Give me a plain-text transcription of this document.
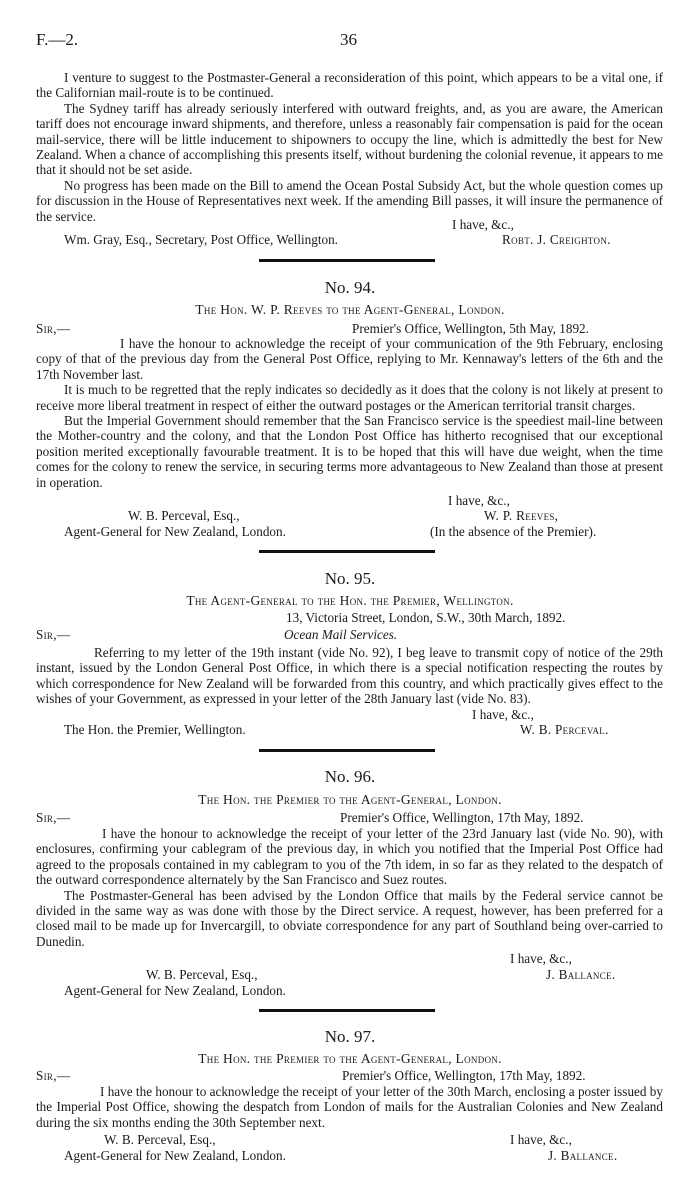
F.—2.	36

I venture to suggest to the Postmaster-General a reconsideration of this point, which appears to be a vital one, if the Californian mail-route is to be continued.

The Sydney tariff has already seriously interfered with outward freights, and, as you are aware, the American tariff does not encourage inward shipments, and therefore, unless a reasonably fair compensation is paid for the ocean mail-service, there will be little inducement to shipowners to occupy the line, which is admittedly the best for New Zealand. When a chance of accomplishing this presents itself, without burdening the colonial revenue, it appears to me that it should not be set aside.

No progress has been made on the Bill to amend the Ocean Postal Subsidy Act, but the whole question comes up for discussion in the House of Representatives next week. If the amending Bill passes, it will insure the permanence of the service.

I have, &c.,
Wm. Gray, Esq., Secretary, Post Office, Wellington.	Robt. J. Creighton.
No. 94.
The Hon. W. P. Reeves to the Agent-General, London.
Sir,—	Premier's Office, Wellington, 5th May, 1892.

I have the honour to acknowledge the receipt of your communication of the 9th February, enclosing copy of that of the previous day from the General Post Office, replying to Mr. Kennaway's letters of the 6th and the 17th November last.

It is much to be regretted that the reply indicates so decidedly as it does that the colony is not likely at present to receive more liberal treatment in respect of either the outward postages or the American territorial transit charges.

But the Imperial Government should remember that the San Francisco service is the speediest mail-line between the Mother-country and the colony, and that the London Post Office has hitherto recognised that our exceptional position merited exceptionally favourable treatment. It is to be hoped that this will have due weight, when the time comes for the colony to renew the service, in securing terms more advantageous to New Zealand than those at present in operation.

I have, &c.,
W. B. Perceval, Esq.,	W. P. Reeves,
Agent-General for New Zealand, London.	(In the absence of the Premier).
No. 95.
The Agent-General to the Hon. the Premier, Wellington.
13, Victoria Street, London, S.W., 30th March, 1892.
Sir,—	Ocean Mail Services.

Referring to my letter of the 19th instant (vide No. 92), I beg leave to transmit copy of notice of the 29th instant, issued by the London General Post Office, in which there is a special notification respecting the routes by which correspondence for New Zealand will be forwarded from this country, and which practically gives effect to the wishes of your Government, as expressed in your letter of the 28th January last (vide No. 83).

I have, &c.,
The Hon. the Premier, Wellington.	W. B. Perceval.
No. 96.
The Hon. the Premier to the Agent-General, London.
Sir,—	Premier's Office, Wellington, 17th May, 1892.

I have the honour to acknowledge the receipt of your letter of the 23rd January last (vide No. 90), with enclosures, confirming your cablegram of the previous day, in which you notified that the Imperial Post Office had agreed to the proposals contained in my cablegram to you of the 7th idem, in so far as they related to the despatch of the outward correspondence alternately by the San Francisco and Suez routes.

The Postmaster-General has been advised by the London Office that mails by the Federal service cannot be divided in the same way as was done with those by the Direct service. A request, however, has been preferred for a closed mail to be made up for Invercargill, to obviate correspondence for any part of Southland being over-carried to Dunedin.

I have, &c.,
W. B. Perceval, Esq.,	J. Ballance.
Agent-General for New Zealand, London.
No. 97.
The Hon. the Premier to the Agent-General, London.
Sir,—	Premier's Office, Wellington, 17th May, 1892.

I have the honour to acknowledge the receipt of your letter of the 30th March, enclosing a poster issued by the Imperial Post Office, showing the despatch from London of mails for the Australian Colonies and New Zealand during the six months ending the 30th September next.

I have, &c.,
W. B. Perceval, Esq.,
Agent-General for New Zealand, London.	J. Ballance.
